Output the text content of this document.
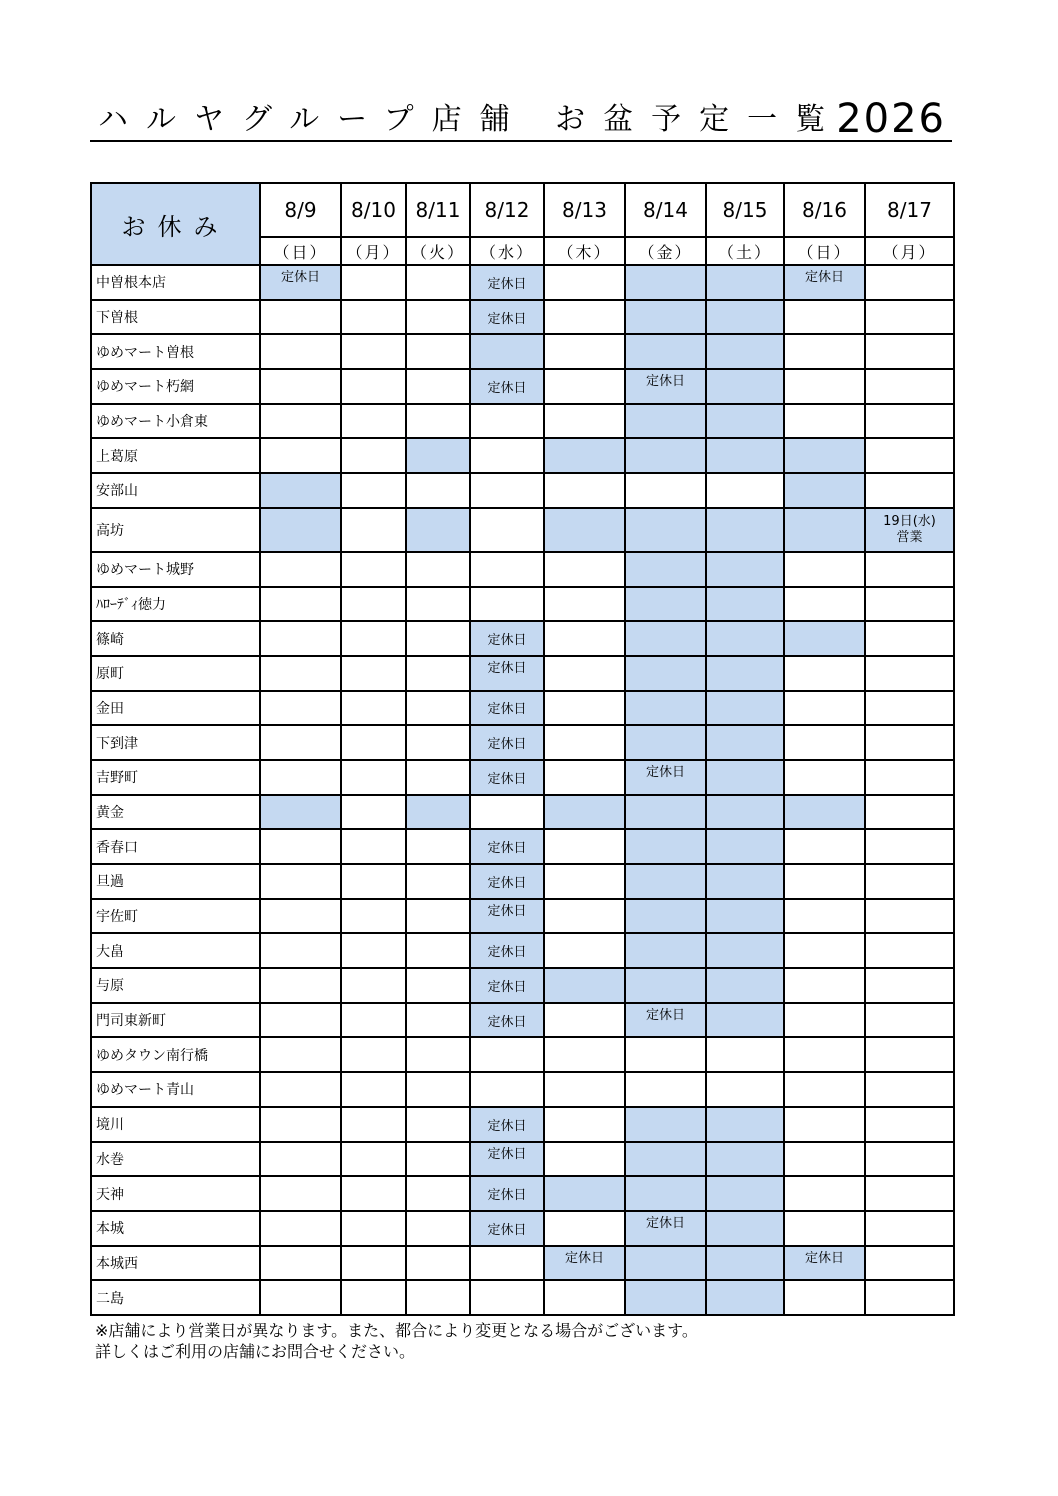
ハルヤグループ店舗 お盆予定一覧
2026
お休み	8/9	8/10	8/11	8/12	8/13	8/14	8/15	8/16	8/17
	（日）	（月）	（火）	（水）	（木）	（金）	（土）	（日）	（月）
中曽根本店	定休日			定休日				定休日	

下曽根				定休日					
ゆめマート曽根									
ゆめマート朽網				定休日		定休日			

ゆめマート小倉東									
上葛原									
安部山									
高坊									19日(水)
営業

ゆめマート城野									
ﾊﾛｰﾃﾞｨ徳力									
篠崎				定休日					
原町				定休日					

金田				定休日					
下到津				定休日					
吉野町				定休日		定休日			

黄金									
香春口				定休日					
旦過				定休日					
宇佐町				定休日					

大畠				定休日					
与原				定休日					
門司東新町				定休日		定休日			

ゆめタウン南行橋									
ゆめマート青山									
境川				定休日					
水巻				定休日					

天神				定休日					
本城				定休日		定休日			

本城西					定休日			定休日	

二島									
※店舗により営業日が異なります。また、都合により変更となる場合がございます。
詳しくはご利用の店舗にお問合せください。
